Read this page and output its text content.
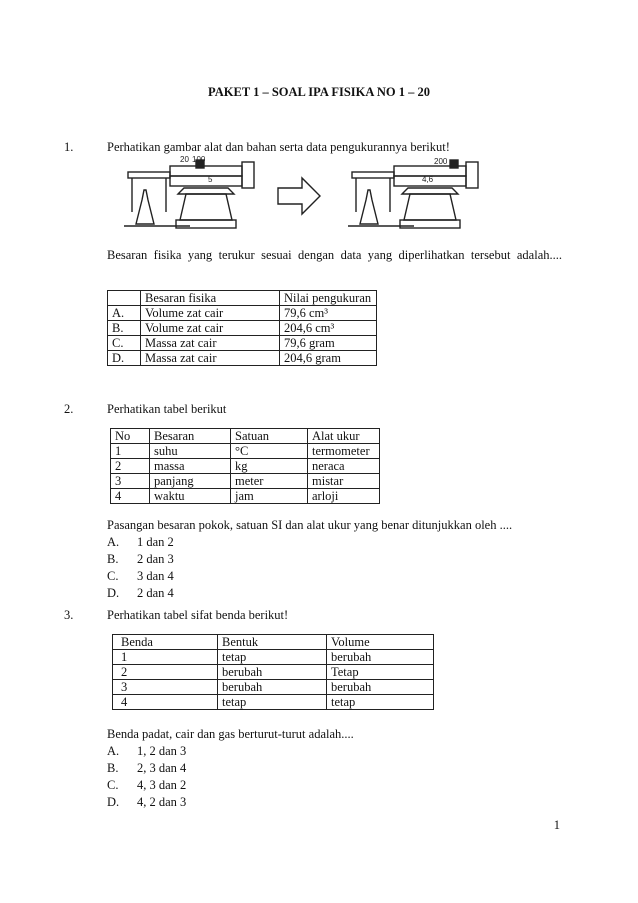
PAKET 1 – SOAL IPA FISIKA NO 1 – 20
1.	Perhatikan gambar alat dan bahan serta data pengukurannya berikut!
20 100
5
200
4,6
Besaran fisika yang terukur sesuai dengan data yang diperlihatkan tersebut adalah....
	Besaran fisika	Nilai pengukuran
A.	Volume zat cair	79,6 cm³
B.	Volume zat cair	204,6 cm³
C.	Massa zat cair	79,6 gram
D.	Massa zat cair	204,6 gram
2.	Perhatikan tabel berikut
No	Besaran	Satuan	Alat ukur
1	suhu	°C	termometer
2	massa	kg	neraca
3	panjang	meter	mistar
4	waktu	jam	arloji
Pasangan besaran pokok, satuan SI dan alat ukur yang benar ditunjukkan oleh ....
A. 1 dan 2
B. 2 dan 3
C. 3 dan 4
D. 2 dan 4
3.	Perhatikan tabel sifat benda berikut!
Benda	Bentuk	Volume
1	tetap	berubah
2	berubah	Tetap
3	berubah	berubah
4	tetap	tetap
Benda padat, cair dan gas berturut-turut adalah....
A. 1, 2 dan 3
B. 2, 3 dan 4
C. 4, 3 dan 2
D. 4, 2 dan 3
1
